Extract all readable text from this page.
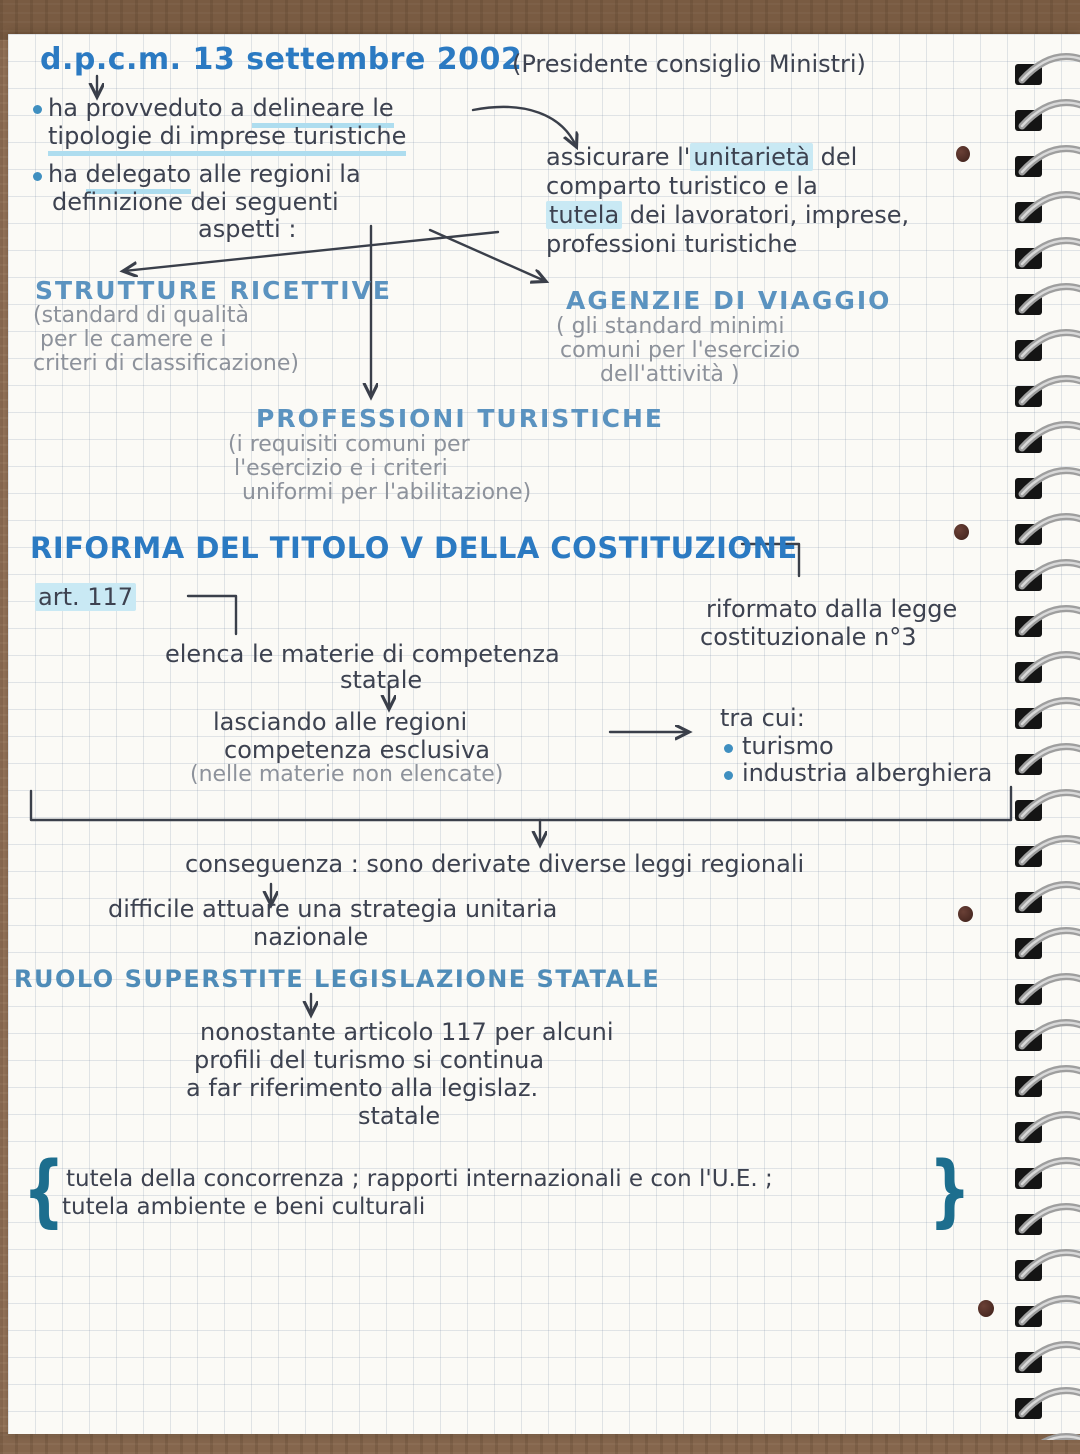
d.p.c.m. 13 settembre 2002
(Presidente consiglio Ministri)
ha provveduto a delineare le
tipologie di imprese turistiche
ha delegato alle regioni la
definizione dei seguenti
aspetti :
assicurare l' unitarietà del
comparto turistico e la
tutela dei lavoratori, imprese,
professioni turistiche
STRUTTURE RICETTIVE
(standard di qualità
per le camere e i
criteri di classificazione)
AGENZIE DI VIAGGIO
( gli standard minimi
comuni per l'esercizio
dell'attività )
PROFESSIONI TURISTICHE
(i requisiti comuni per
l'esercizio e i criteri
uniformi per l'abilitazione)
RIFORMA DEL TITOLO V DELLA COSTITUZIONE
art. 117	riformato dalla legge
costituzionale n°3
elenca le materie di competenza
statale
lasciando alle regioni
competenza esclusiva
(nelle materie non elencate)
tra cui:
turismo
industria alberghiera
conseguenza : sono derivate diverse leggi regionali
difficile attuare una strategia unitaria
nazionale
RUOLO SUPERSTITE LEGISLAZIONE STATALE
nonostante articolo 117 per alcuni
profili del turismo si continua
a far riferimento alla legislaz.
statale
{ tutela della concorrenza ; rapporti internazionali e con l'U.E. ;
tutela ambiente e beni culturali	}
